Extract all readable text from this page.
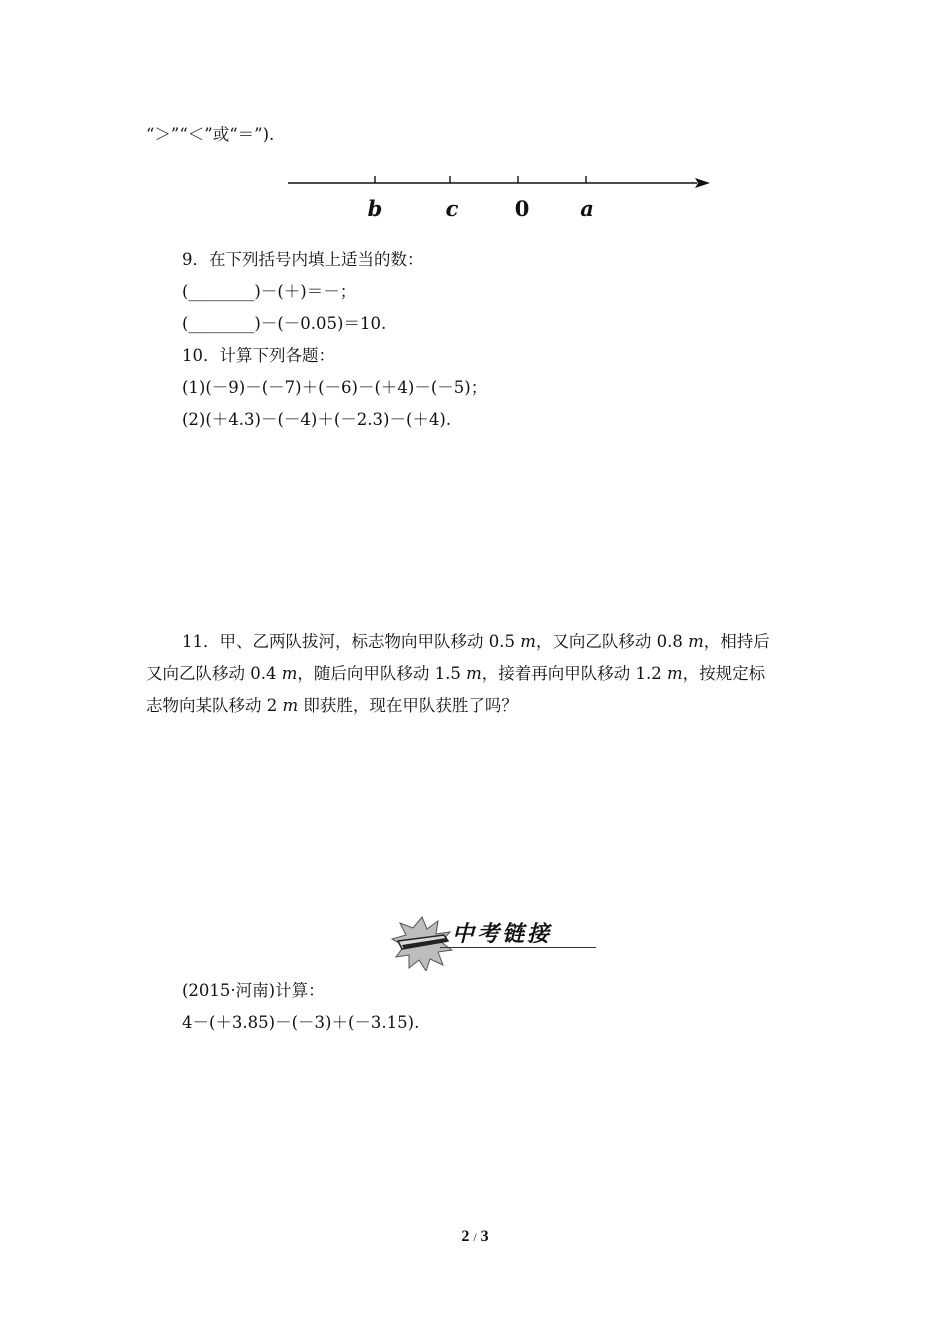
“＞”“＜”或“＝”).
b	c	0 a
9．在下列括号内填上适当的数：
(________)－(＋)＝－；
(________)－(－0.05)＝10.
10．计算下列各题：
(1)(－9)－(－7)＋(－6)－(＋4)－(－5)；
(2)(＋4.3)－(－4)＋(－2.3)－(＋4).
11．甲、乙两队拔河，标志物向甲队移动 0.5 m，又向乙队移动 0.8 m，相持后
又向乙队移动 0.4 m，随后向甲队移动 1.5 m，接着再向甲队移动 1.2 m，按规定标
志物向某队移动 2 m 即获胜，现在甲队获胜了吗？
中考链接
(2015·河南)计算：
4－(＋3.85)－(－3)＋(－3.15).
2 / 3
